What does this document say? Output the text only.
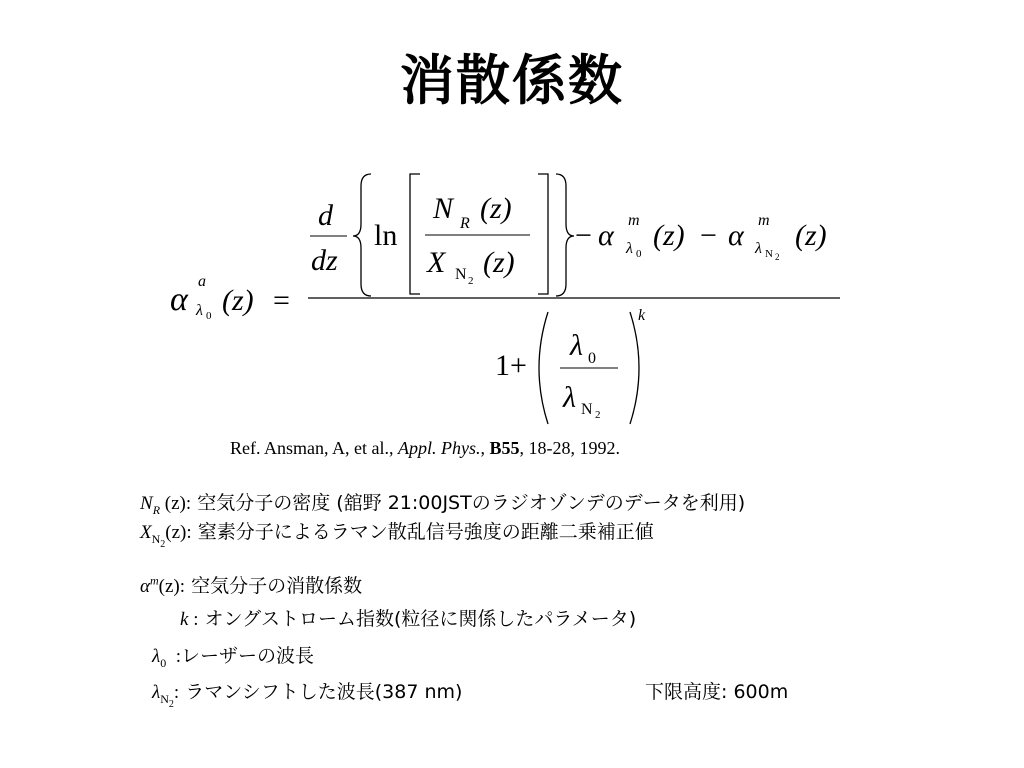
消散係数
α a
λ 0 (z) =
d
dz
ln
N R (z)
X N 2
(z)
− α m
λ 0
(z) − α m
λ N 2
(z)
1+
λ 0
λ N 2
k
Ref. Ansman, A, et al., Appl. Phys., B55, 18-28, 1992.
$N_R$ (z): 空気分子の密度 (舘野 21:00JSTのラジオゾンデのデータを利用)
$X_{N2}(z)$: 窒素分子によるラマン散乱信号強度の距離二乗補正値
$\alpha^m(z)$: 空気分子の消散係数
k : オングストローム指数(粒径に関係したパラメータ)
$\lambda_0$  :レーザーの波長
$\lambda_{N2}$: ラマンシフトした波長(387 nm)	下限高度: 600m
